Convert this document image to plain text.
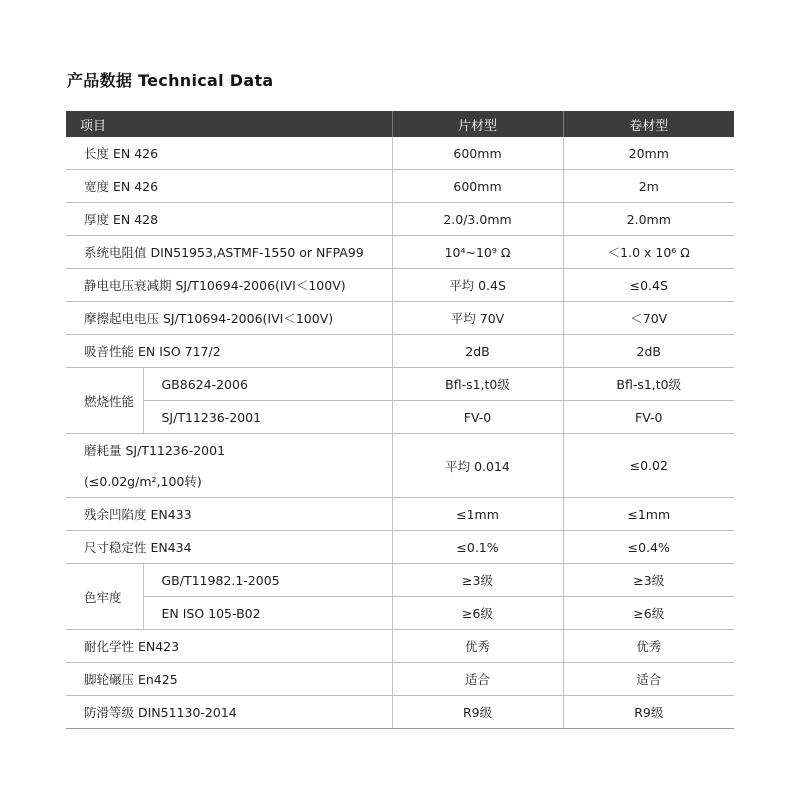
产品数据 Technical Data
项目		片材型	卷材型
长度 EN 426		600mm	20mm
宽度 EN 426		600mm	2m
厚度 EN 428		2.0/3.0mm	2.0mm
系统电阻值 DIN51953,ASTMF-1550 or NFPA99		10⁴~10⁹ Ω	＜1.0 x 10⁶ Ω
静电电压衰减期 SJ/T10694-2006(IVI＜100V)		平均 0.4S	≤0.4S
摩擦起电电压 SJ/T10694-2006(IVI＜100V)		平均 70V	＜70V
吸音性能 EN ISO 717/2		2dB	2dB
燃烧性能	GB8624-2006	Bfl-s1,t0级	Bfl-s1,t0级
	SJ/T11236-2001	FV-0	FV-0

磨耗量 SJ/T11236-2001
(≤0.02g/m²,100转)		平均 0.014	≤0.02
残余凹陷度 EN433		≤1mm	≤1mm
尺寸稳定性 EN434		≤0.1%	≤0.4%
色牢度	GB/T11982.1-2005	≥3级	≥3级
	EN ISO 105-B02	≥6级	≥6级
耐化学性 EN423		优秀	优秀
脚轮碾压 En425		适合	适合
防滑等级 DIN51130-2014		R9级	R9级
